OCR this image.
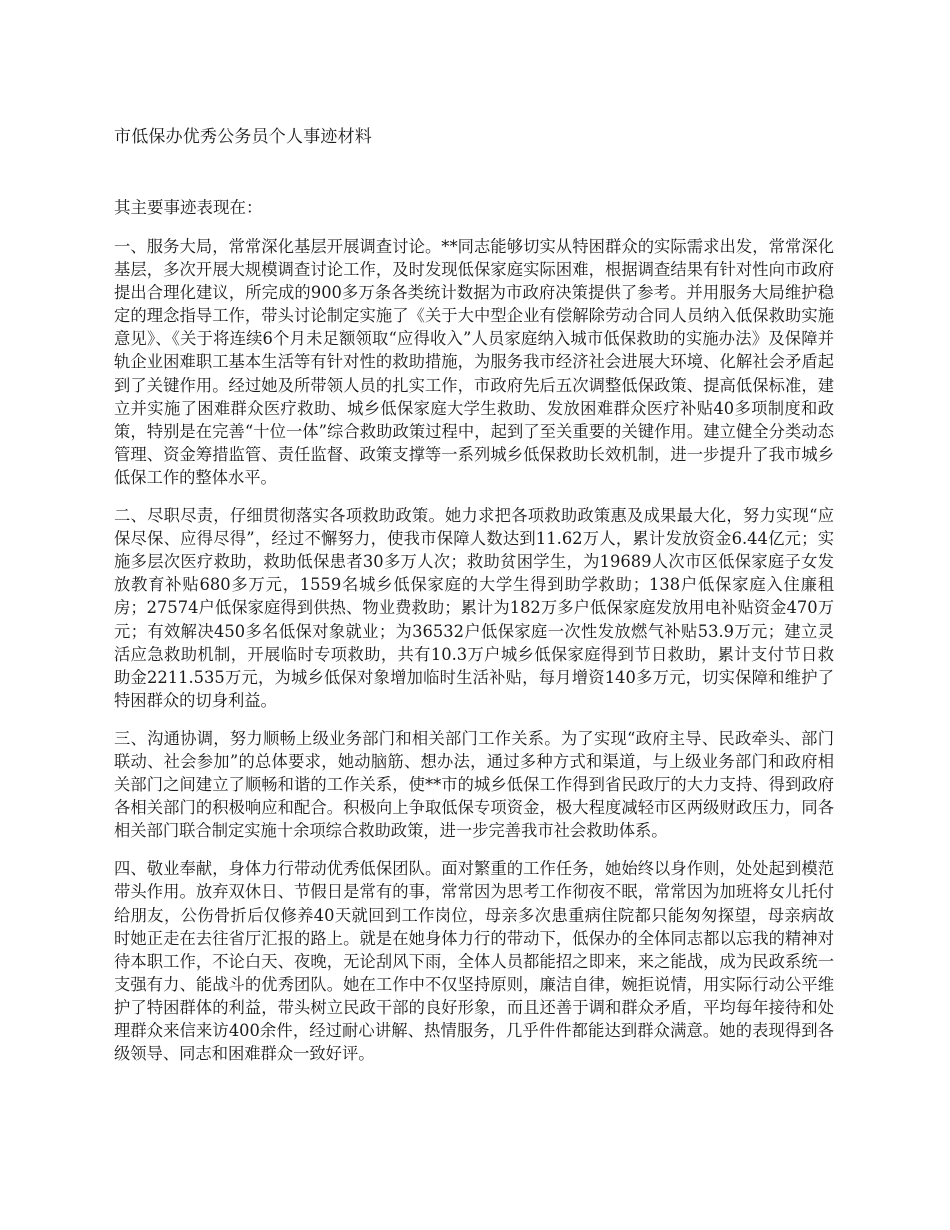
市低保办优秀公务员个人事迹材料

其主要事迹表现在：

一、服务大局，常常深化基层开展调查讨论。**同志能够切实从特困群众的实际需求出发，常常深化基层，多次开展大规模调查讨论工作，及时发现低保家庭实际困难，根据调查结果有针对性向市政府提出合理化建议，所完成的900多万条各类统计数据为市政府决策提供了参考。并用服务大局维护稳定的理念指导工作，带头讨论制定实施了《关于大中型企业有偿解除劳动合同人员纳入低保救助实施意见》、《关于将连续6个月未足额领取“应得收入”人员家庭纳入城市低保救助的实施办法》及保障并轨企业困难职工基本生活等有针对性的救助措施，为服务我市经济社会进展大环境、化解社会矛盾起到了关键作用。经过她及所带领人员的扎实工作，市政府先后五次调整低保政策、提高低保标准，建立并实施了困难群众医疗救助、城乡低保家庭大学生救助、发放困难群众医疗补贴40多项制度和政策，特别是在完善“十位一体”综合救助政策过程中，起到了至关重要的关键作用。建立健全分类动态管理、资金筹措监管、责任监督、政策支撑等一系列城乡低保救助长效机制，进一步提升了我市城乡低保工作的整体水平。

二、尽职尽责，仔细贯彻落实各项救助政策。她力求把各项救助政策惠及成果最大化，努力实现“应保尽保、应得尽得”，经过不懈努力，使我市保障人数达到11.62万人，累计发放资金6.44亿元；实施多层次医疗救助，救助低保患者30多万人次；救助贫困学生，为19689人次市区低保家庭子女发放教育补贴680多万元，1559名城乡低保家庭的大学生得到助学救助；138户低保家庭入住廉租房；27574户低保家庭得到供热、物业费救助；累计为182万多户低保家庭发放用电补贴资金470万元；有效解决450多名低保对象就业；为36532户低保家庭一次性发放燃气补贴53.9万元；建立灵活应急救助机制，开展临时专项救助，共有10.3万户城乡低保家庭得到节日救助，累计支付节日救助金2211.535万元，为城乡低保对象增加临时生活补贴，每月增资140多万元，切实保障和维护了特困群众的切身利益。

三、沟通协调，努力顺畅上级业务部门和相关部门工作关系。为了实现“政府主导、民政牵头、部门联动、社会参加”的总体要求，她动脑筋、想办法，通过多种方式和渠道，与上级业务部门和政府相关部门之间建立了顺畅和谐的工作关系，使**市的城乡低保工作得到省民政厅的大力支持、得到政府各相关部门的积极响应和配合。积极向上争取低保专项资金，极大程度减轻市区两级财政压力，同各相关部门联合制定实施十余项综合救助政策，进一步完善我市社会救助体系。

四、敬业奉献，身体力行带动优秀低保团队。面对繁重的工作任务，她始终以身作则，处处起到模范带头作用。放弃双休日、节假日是常有的事，常常因为思考工作彻夜不眠，常常因为加班将女儿托付给朋友，公伤骨折后仅修养40天就回到工作岗位，母亲多次患重病住院都只能匆匆探望，母亲病故时她正走在去往省厅汇报的路上。就是在她身体力行的带动下，低保办的全体同志都以忘我的精神对待本职工作，不论白天、夜晚，无论刮风下雨，全体人员都能招之即来，来之能战，成为民政系统一支强有力、能战斗的优秀团队。她在工作中不仅坚持原则，廉洁自律，婉拒说情，用实际行动公平维护了特困群体的利益，带头树立民政干部的良好形象，而且还善于调和群众矛盾，平均每年接待和处理群众来信来访400余件，经过耐心讲解、热情服务，几乎件件都能达到群众满意。她的表现得到各级领导、同志和困难群众一致好评。
